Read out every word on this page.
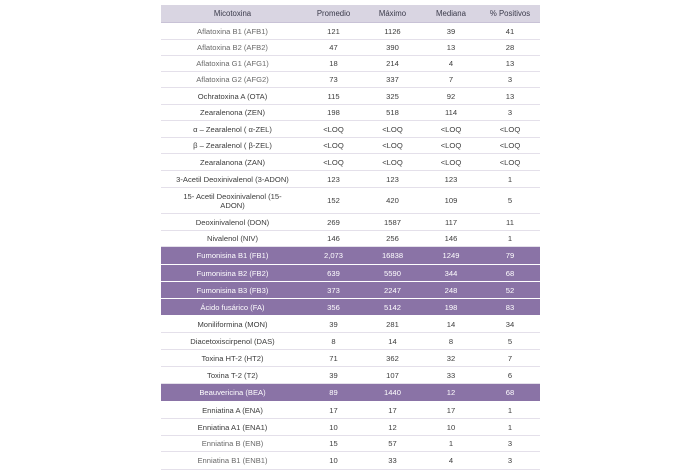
Micotoxina	Promedio	Máximo	Mediana	% Positivos
Aflatoxina B1 (AFB1)	121	1126	39	41
Aflatoxina B2 (AFB2)	47	390	13	28
Aflatoxina G1 (AFG1)	18	214	4	13
Aflatoxina G2 (AFG2)	73	337	7	3
Ochratoxina A (OTA)	115	325	92	13
Zearalenona (ZEN)	198	518	114	3
α – Zearalenol ( α-ZEL)	<LOQ	<LOQ	<LOQ	<LOQ
β – Zearalenol ( β-ZEL)	<LOQ	<LOQ	<LOQ	<LOQ
Zearalanona (ZAN)	<LOQ	<LOQ	<LOQ	<LOQ
3-Acetil Deoxinivalenol (3-ADON)	123	123	123	1
15- Acetil Deoxinivalenol (15-ADON)	152	420	109	5
Deoxinivalenol (DON)	269	1587	117	11
Nivalenol (NIV)	146	256	146	1
Fumonisina B1 (FB1)	2,073	16838	1249	79
Fumonisina B2 (FB2)	639	5590	344	68
Fumonisina B3 (FB3)	373	2247	248	52
Ácido fusárico (FA)	356	5142	198	83
Moniliformina (MON)	39	281	14	34
Diacetoxiscirpenol (DAS)	8	14	8	5
Toxina HT-2 (HT2)	71	362	32	7
Toxina T-2 (T2)	39	107	33	6
Beauvericina (BEA)	89	1440	12	68
Enniatina A (ENA)	17	17	17	1
Enniatina A1 (ENA1)	10	12	10	1
Enniatina B (ENB)	15	57	1	3
Enniatina B1 (ENB1)	10	33	4	3
